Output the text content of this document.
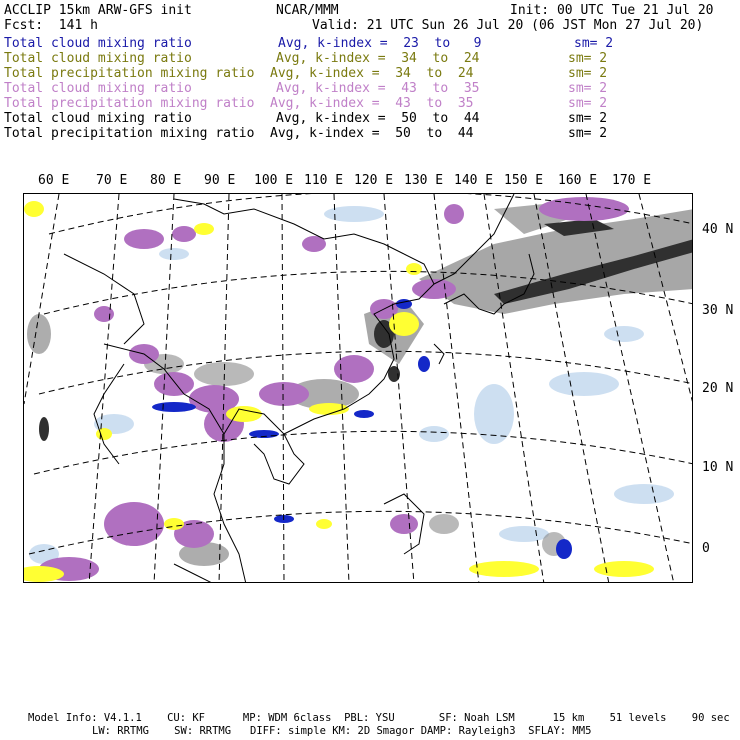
ACCLIP 15km ARW-GFS init	NCAR/MMM	Init: 00 UTC Tue 21 Jul 20
Fcst:  141 h	Valid: 21 UTC Sun 26 Jul 20 (06 JST Mon 27 Jul 20)
Total cloud mixing ratio	Avg, k-index =  23  to   9	sm= 2
Total cloud mixing ratio	Avg, k-index =  34  to  24	sm= 2
Total precipitation mixing ratio Avg, k-index =  34  to  24	sm= 2
Total cloud mixing ratio	Avg, k-index =  43  to  35	sm= 2
Total precipitation mixing ratio Avg, k-index =  43  to  35	sm= 2
Total cloud mixing ratio	Avg, k-index =  50  to  44	sm= 2
Total precipitation mixing ratio Avg, k-index =  50  to  44	sm= 2
60 E 70 E 80 E 90 E 100 E 110 E 120 E 130 E 140 E 150 E 160 E 170 E
40 N
30 N
20 N
10 N
0
Model Info: V4.1.1    CU: KF      MP: WDM 6class  PBL: YSU       SF: Noah LSM      15 km    51 levels    90 sec
LW: RRTMG    SW: RRTMG   DIFF: simple KM: 2D Smagor DAMP: Rayleigh3  SFLAY: MM5
